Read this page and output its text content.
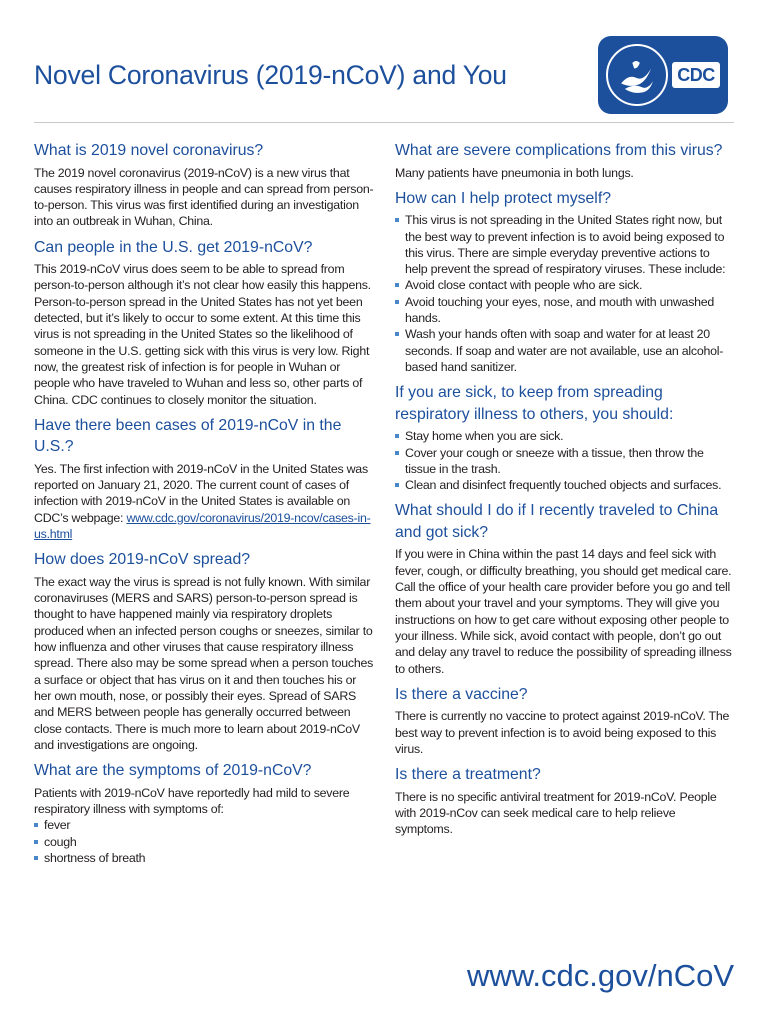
Novel Coronavirus (2019-nCoV) and You	CDC
What is 2019 novel coronavirus?

The 2019 novel coronavirus (2019-nCoV) is a new virus that causes respiratory illness in people and can spread from person-to-person. This virus was first identified during an investigation into an outbreak in Wuhan, China.

Can people in the U.S. get 2019-nCoV?

This 2019-nCoV virus does seem to be able to spread from person-to-person although it’s not clear how easily this happens. Person-to-person spread in the United States has not yet been detected, but it’s likely to occur to some extent. At this time this virus is not spreading in the United States so the likelihood of someone in the U.S. getting sick with this virus is very low. Right now, the greatest risk of infection is for people in Wuhan or people who have traveled to Wuhan and less so, other parts of China. CDC continues to closely monitor the situation.

Have there been cases of 2019-nCoV in the U.S.?

Yes. The first infection with 2019-nCoV in the United States was reported on January 21, 2020. The current count of cases of infection with 2019-nCoV in the United States is available on CDC’s webpage: www.cdc.gov/coronavirus/2019-ncov/cases-in-us.html

How does 2019-nCoV spread?

The exact way the virus is spread is not fully known. With similar coronaviruses (MERS and SARS) person-to-person spread is thought to have happened mainly via respiratory droplets produced when an infected person coughs or sneezes, similar to how influenza and other viruses that cause respiratory illness spread. There also may be some spread when a person touches a surface or object that has virus on it and then touches his or her own mouth, nose, or possibly their eyes. Spread of SARS and MERS between people has generally occurred between close contacts. There is much more to learn about 2019-nCoV and investigations are ongoing.

What are the symptoms of 2019-nCoV?

Patients with 2019-nCoV have reportedly had mild to severe respiratory illness with symptoms of:

fever
cough
shortness of breath
What are severe complications from this virus?

Many patients have pneumonia in both lungs.

How can I help protect myself?
This virus is not spreading in the United States right now, but the best way to prevent infection is to avoid being exposed to this virus. There are simple everyday preventive actions to help prevent the spread of respiratory viruses. These include:
Avoid close contact with people who are sick.
Avoid touching your eyes, nose, and mouth with unwashed hands.
Wash your hands often with soap and water for at least 20 seconds. If soap and water are not available, use an alcohol-based hand sanitizer.
If you are sick, to keep from spreading respiratory illness to others, you should:
Stay home when you are sick.
Cover your cough or sneeze with a tissue, then throw the tissue in the trash.
Clean and disinfect frequently touched objects and surfaces.
What should I do if I recently traveled to China and got sick?

If you were in China within the past 14 days and feel sick with fever, cough, or difficulty breathing, you should get medical care. Call the office of your health care provider before you go and tell them about your travel and your symptoms. They will give you instructions on how to get care without exposing other people to your illness. While sick, avoid contact with people, don’t go out and delay any travel to reduce the possibility of spreading illness to others.

Is there a vaccine?

There is currently no vaccine to protect against 2019-nCoV. The best way to prevent infection is to avoid being exposed to this virus.

Is there a treatment?

There is no specific antiviral treatment for 2019-nCoV. People with 2019-nCov can seek medical care to help relieve symptoms.

www.cdc.gov/nCoV
